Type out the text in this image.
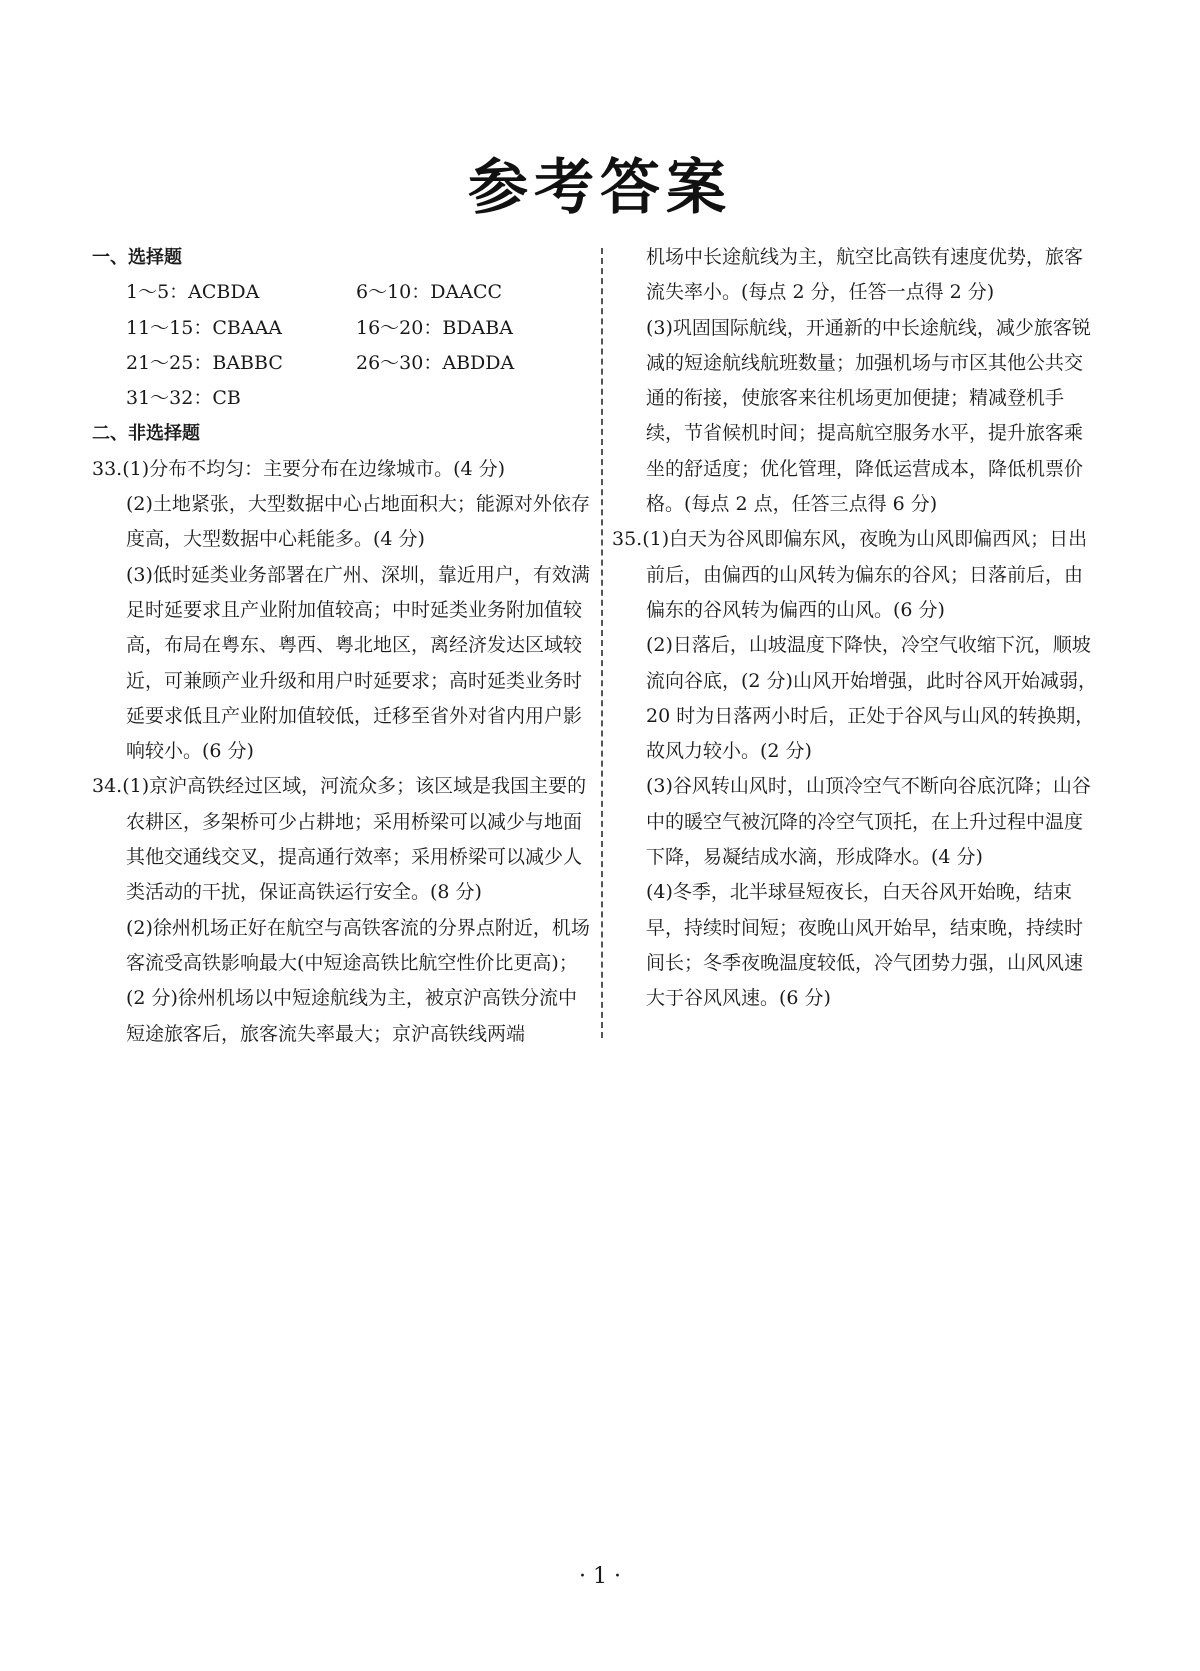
参考答案
一、选择题
1～5：ACBDA	6～10：DAACC
11～15：CBAAA	16～20：BDABA
21～25：BABBC	26～30：ABDDA
31～32：CB
二、非选择题

33.(1)分布不均匀：主要分布在边缘城市。(4 分)

(2)土地紧张，大型数据中心占地面积大；能源对外依存度高，大型数据中心耗能多。(4 分)

(3)低时延类业务部署在广州、深圳，靠近用户，有效满足时延要求且产业附加值较高；中时延类业务附加值较高，布局在粤东、粤西、粤北地区，离经济发达区域较近，可兼顾产业升级和用户时延要求；高时延类业务时延要求低且产业附加值较低，迁移至省外对省内用户影响较小。(6 分)

34.(1)京沪高铁经过区域，河流众多；该区域是我国主要的农耕区，多架桥可少占耕地；采用桥梁可以减少与地面其他交通线交叉，提高通行效率；采用桥梁可以减少人类活动的干扰，保证高铁运行安全。(8 分)

(2)徐州机场正好在航空与高铁客流的分界点附近，机场客流受高铁影响最大(中短途高铁比航空性价比更高)；(2 分)徐州机场以中短途航线为主，被京沪高铁分流中短途旅客后，旅客流失率最大；京沪高铁线两端

机场中长途航线为主，航空比高铁有速度优势，旅客流失率小。(每点 2 分，任答一点得 2 分)

(3)巩固国际航线，开通新的中长途航线，减少旅客锐减的短途航线航班数量；加强机场与市区其他公共交通的衔接，使旅客来往机场更加便捷；精减登机手续，节省候机时间；提高航空服务水平，提升旅客乘坐的舒适度；优化管理，降低运营成本，降低机票价格。(每点 2 点，任答三点得 6 分)

35.(1)白天为谷风即偏东风，夜晚为山风即偏西风；日出前后，由偏西的山风转为偏东的谷风；日落前后，由偏东的谷风转为偏西的山风。(6 分)

(2)日落后，山坡温度下降快，冷空气收缩下沉，顺坡流向谷底，(2 分)山风开始增强，此时谷风开始减弱，20 时为日落两小时后，正处于谷风与山风的转换期，故风力较小。(2 分)

(3)谷风转山风时，山顶冷空气不断向谷底沉降；山谷中的暖空气被沉降的冷空气顶托，在上升过程中温度下降，易凝结成水滴，形成降水。(4 分)

(4)冬季，北半球昼短夜长，白天谷风开始晚，结束早，持续时间短；夜晚山风开始早，结束晚，持续时间长；冬季夜晚温度较低，冷气团势力强，山风风速大于谷风风速。(6 分)

· 1 ·
